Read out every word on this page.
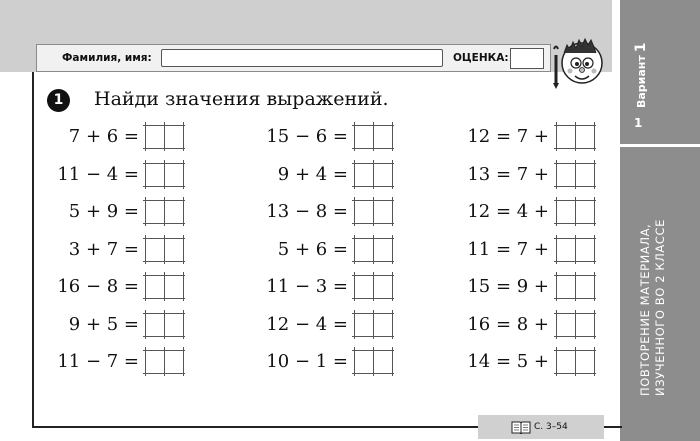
Вариант1
1
ПОВТОРЕНИЕ МАТЕРИАЛА, ИЗУЧЕННОГО ВО 2 КЛАССЕ
Фамилия, имя:	ОЦЕНКА:
1	Найди значения выражений.
7 + 6 =
11 − 4 =
5 + 9 =
3 + 7 =
16 − 8 =
9 + 5 =
11 − 7 =
15 − 6 =
9 + 4 =
13 − 8 =
5 + 6 =
11 − 3 =
12 − 4 =
10 − 1 =
12 = 7 +
13 = 7 +
12 = 4 +
11 = 7 +
15 = 9 +
16 = 8 +
14 = 5 +
С. 3–54
